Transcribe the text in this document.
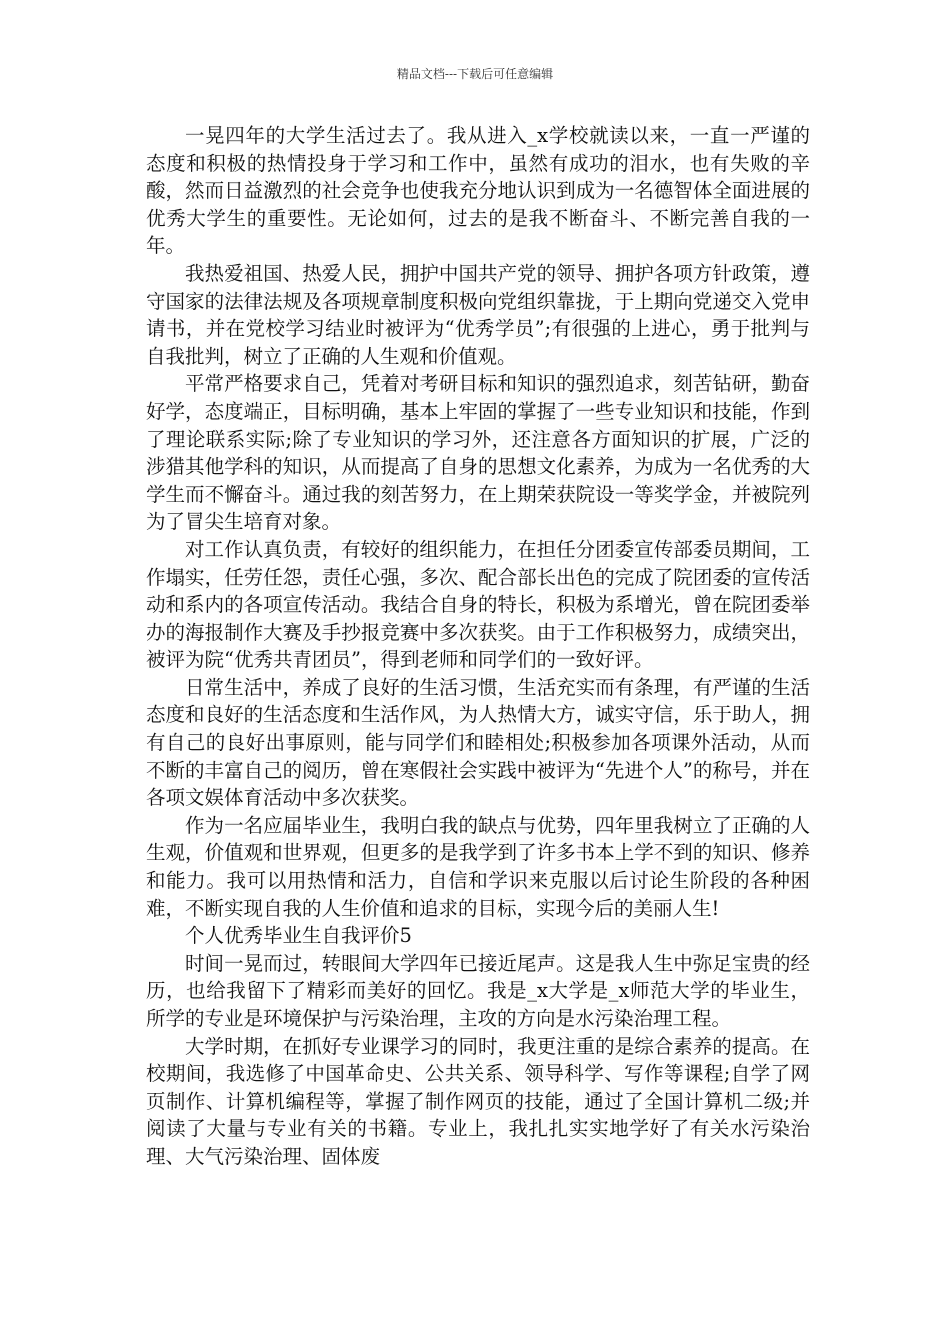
精品文档---下载后可任意编辑

一晃四年的大学生活过去了。我从进入_x学校就读以来，一直一严谨的态度和积极的热情投身于学习和工作中，虽然有成功的泪水，也有失败的辛酸，然而日益激烈的社会竞争也使我充分地认识到成为一名德智体全面进展的优秀大学生的重要性。无论如何，过去的是我不断奋斗、不断完善自我的一年。

我热爱祖国、热爱人民，拥护中国共产党的领导、拥护各项方针政策，遵守国家的法律法规及各项规章制度积极向党组织靠拢，于上期向党递交入党申请书，并在党校学习结业时被评为“优秀学员”;有很强的上进心，勇于批判与自我批判，树立了正确的人生观和价值观。

平常严格要求自己，凭着对考研目标和知识的强烈追求，刻苦钻研，勤奋好学，态度端正，目标明确，基本上牢固的掌握了一些专业知识和技能，作到了理论联系实际;除了专业知识的学习外，还注意各方面知识的扩展，广泛的涉猎其他学科的知识，从而提高了自身的思想文化素养，为成为一名优秀的大学生而不懈奋斗。通过我的刻苦努力，在上期荣获院设一等奖学金，并被院列为了冒尖生培育对象。

对工作认真负责，有较好的组织能力，在担任分团委宣传部委员期间，工作塌实，任劳任怨，责任心强，多次、配合部长出色的完成了院团委的宣传活动和系内的各项宣传活动。我结合自身的特长，积极为系增光，曾在院团委举办的海报制作大赛及手抄报竞赛中多次获奖。由于工作积极努力，成绩突出，被评为院“优秀共青团员”，得到老师和同学们的一致好评。

日常生活中，养成了良好的生活习惯，生活充实而有条理，有严谨的生活态度和良好的生活态度和生活作风，为人热情大方，诚实守信，乐于助人，拥有自己的良好出事原则，能与同学们和睦相处;积极参加各项课外活动，从而不断的丰富自己的阅历，曾在寒假社会实践中被评为“先进个人”的称号，并在各项文娱体育活动中多次获奖。

作为一名应届毕业生，我明白我的缺点与优势，四年里我树立了正确的人生观，价值观和世界观，但更多的是我学到了许多书本上学不到的知识、修养和能力。我可以用热情和活力，自信和学识来克服以后讨论生阶段的各种困难，不断实现自我的人生价值和追求的目标，实现今后的美丽人生!

个人优秀毕业生自我评价5

时间一晃而过，转眼间大学四年已接近尾声。这是我人生中弥足宝贵的经历，也给我留下了精彩而美好的回忆。我是_x大学是_x师范大学的毕业生，所学的专业是环境保护与污染治理，主攻的方向是水污染治理工程。

大学时期，在抓好专业课学习的同时，我更注重的是综合素养的提高。在校期间，我选修了中国革命史、公共关系、领导科学、写作等课程;自学了网页制作、计算机编程等，掌握了制作网页的技能，通过了全国计算机二级;并阅读了大量与专业有关的书籍。专业上，我扎扎实实地学好了有关水污染治理、大气污染治理、固体废
